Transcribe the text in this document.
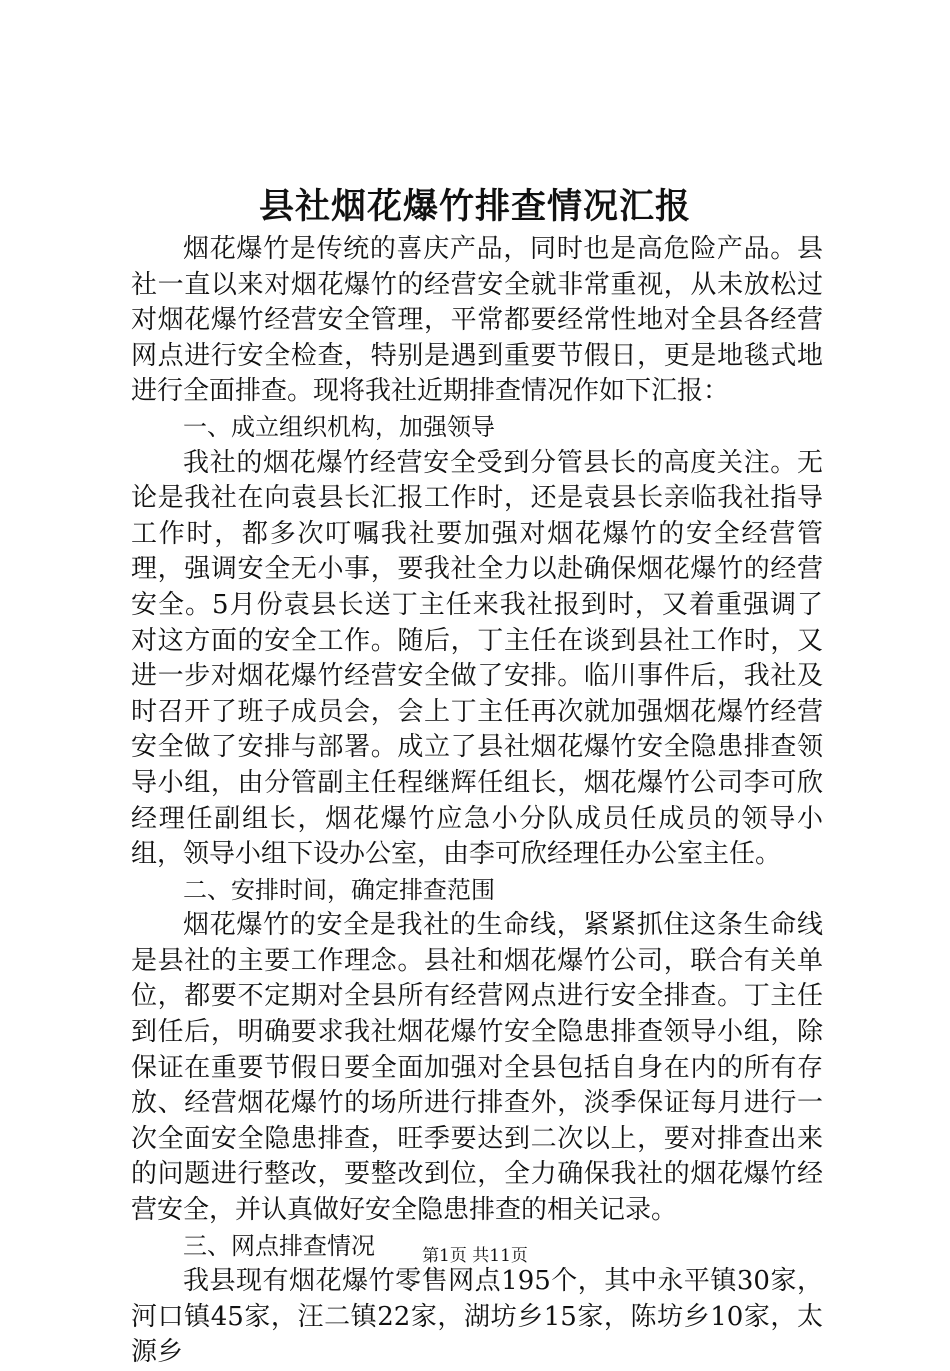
县社烟花爆竹排查情况汇报

烟花爆竹是传统的喜庆产品，同时也是高危险产品。县社一直以来对烟花爆竹的经营安全就非常重视，从未放松过对烟花爆竹经营安全管理，平常都要经常性地对全县各经营网点进行安全检查，特别是遇到重要节假日，更是地毯式地进行全面排查。现将我社近期排查情况作如下汇报：

一、成立组织机构，加强领导

我社的烟花爆竹经营安全受到分管县长的高度关注。无论是我社在向袁县长汇报工作时，还是袁县长亲临我社指导工作时，都多次叮嘱我社要加强对烟花爆竹的安全经营管理，强调安全无小事，要我社全力以赴确保烟花爆竹的经营安全。5月份袁县长送丁主任来我社报到时，又着重强调了对这方面的安全工作。随后，丁主任在谈到县社工作时，又进一步对烟花爆竹经营安全做了安排。临川事件后，我社及时召开了班子成员会，会上丁主任再次就加强烟花爆竹经营安全做了安排与部署。成立了县社烟花爆竹安全隐患排查领导小组，由分管副主任程继辉任组长，烟花爆竹公司李可欣经理任副组长，烟花爆竹应急小分队成员任成员的领导小组，领导小组下设办公室，由李可欣经理任办公室主任。

二、安排时间，确定排查范围

烟花爆竹的安全是我社的生命线，紧紧抓住这条生命线是县社的主要工作理念。县社和烟花爆竹公司，联合有关单位，都要不定期对全县所有经营网点进行安全排查。丁主任到任后，明确要求我社烟花爆竹安全隐患排查领导小组，除保证在重要节假日要全面加强对全县包括自身在内的所有存放、经营烟花爆竹的场所进行排查外，淡季保证每月进行一次全面安全隐患排查，旺季要达到二次以上，要对排查出来的问题进行整改，要整改到位，全力确保我社的烟花爆竹经营安全，并认真做好安全隐患排查的相关记录。

三、网点排查情况

我县现有烟花爆竹零售网点195个，其中永平镇30家，河口镇45家，汪二镇22家，湖坊乡15家，陈坊乡10家，太源乡

第1页 共11页
